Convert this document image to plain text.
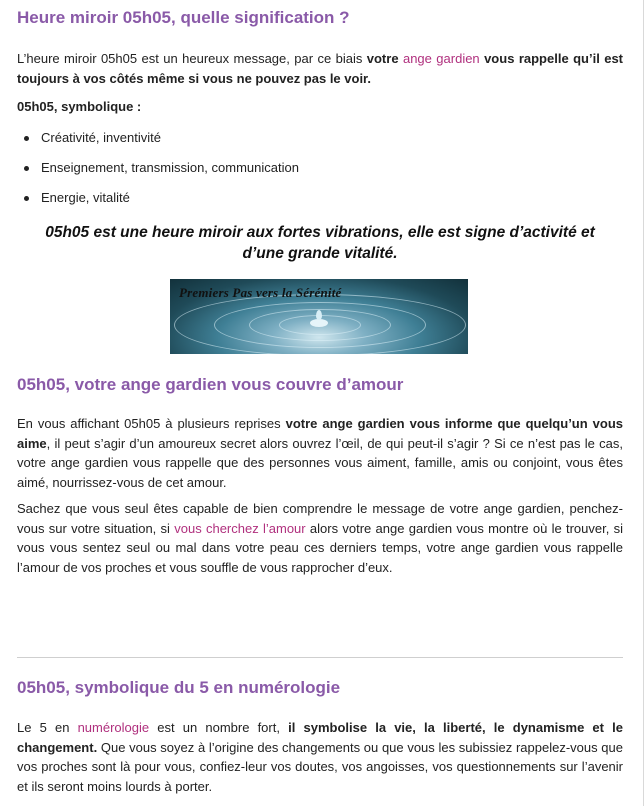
Heure miroir 05h05, quelle signification ?

L’heure miroir 05h05 est un heureux message, par ce biais votre ange gardien vous rappelle qu’il est toujours à vos côtés même si vous ne pouvez pas le voir.

05h05, symbolique :

Créativité, inventivité
Enseignement, transmission, communication
Energie, vitalité

05h05 est une heure miroir aux fortes vibrations, elle est signe d’activité et d’une grande vitalité.

Premiers Pas vers la Sérénité
05h05, votre ange gardien vous couvre d’amour

En vous affichant 05h05 à plusieurs reprises votre ange gardien vous informe que quelqu’un vous aime, il peut s’agir d’un amoureux secret alors ouvrez l’œil, de qui peut-il s’agir ? Si ce n’est pas le cas, votre ange gardien vous rappelle que des personnes vous aiment, famille, amis ou conjoint, vous êtes aimé, nourrissez-vous de cet amour.

Sachez que vous seul êtes capable de bien comprendre le message de votre ange gardien, penchez-vous sur votre situation, si vous cherchez l’amour alors votre ange gardien vous montre où le trouver, si vous vous sentez seul ou mal dans votre peau ces derniers temps, votre ange gardien vous rappelle l’amour de vos proches et vous souffle de vous rapprocher d’eux.

05h05, symbolique du 5 en numérologie

Le 5 en numérologie est un nombre fort, il symbolise la vie, la liberté, le dynamisme et le changement. Que vous soyez à l’origine des changements ou que vous les subissiez rappelez-vous que vos proches sont là pour vous, confiez-leur vos doutes, vos angoisses, vos questionnements sur l’avenir et ils seront moins lourds à porter.
